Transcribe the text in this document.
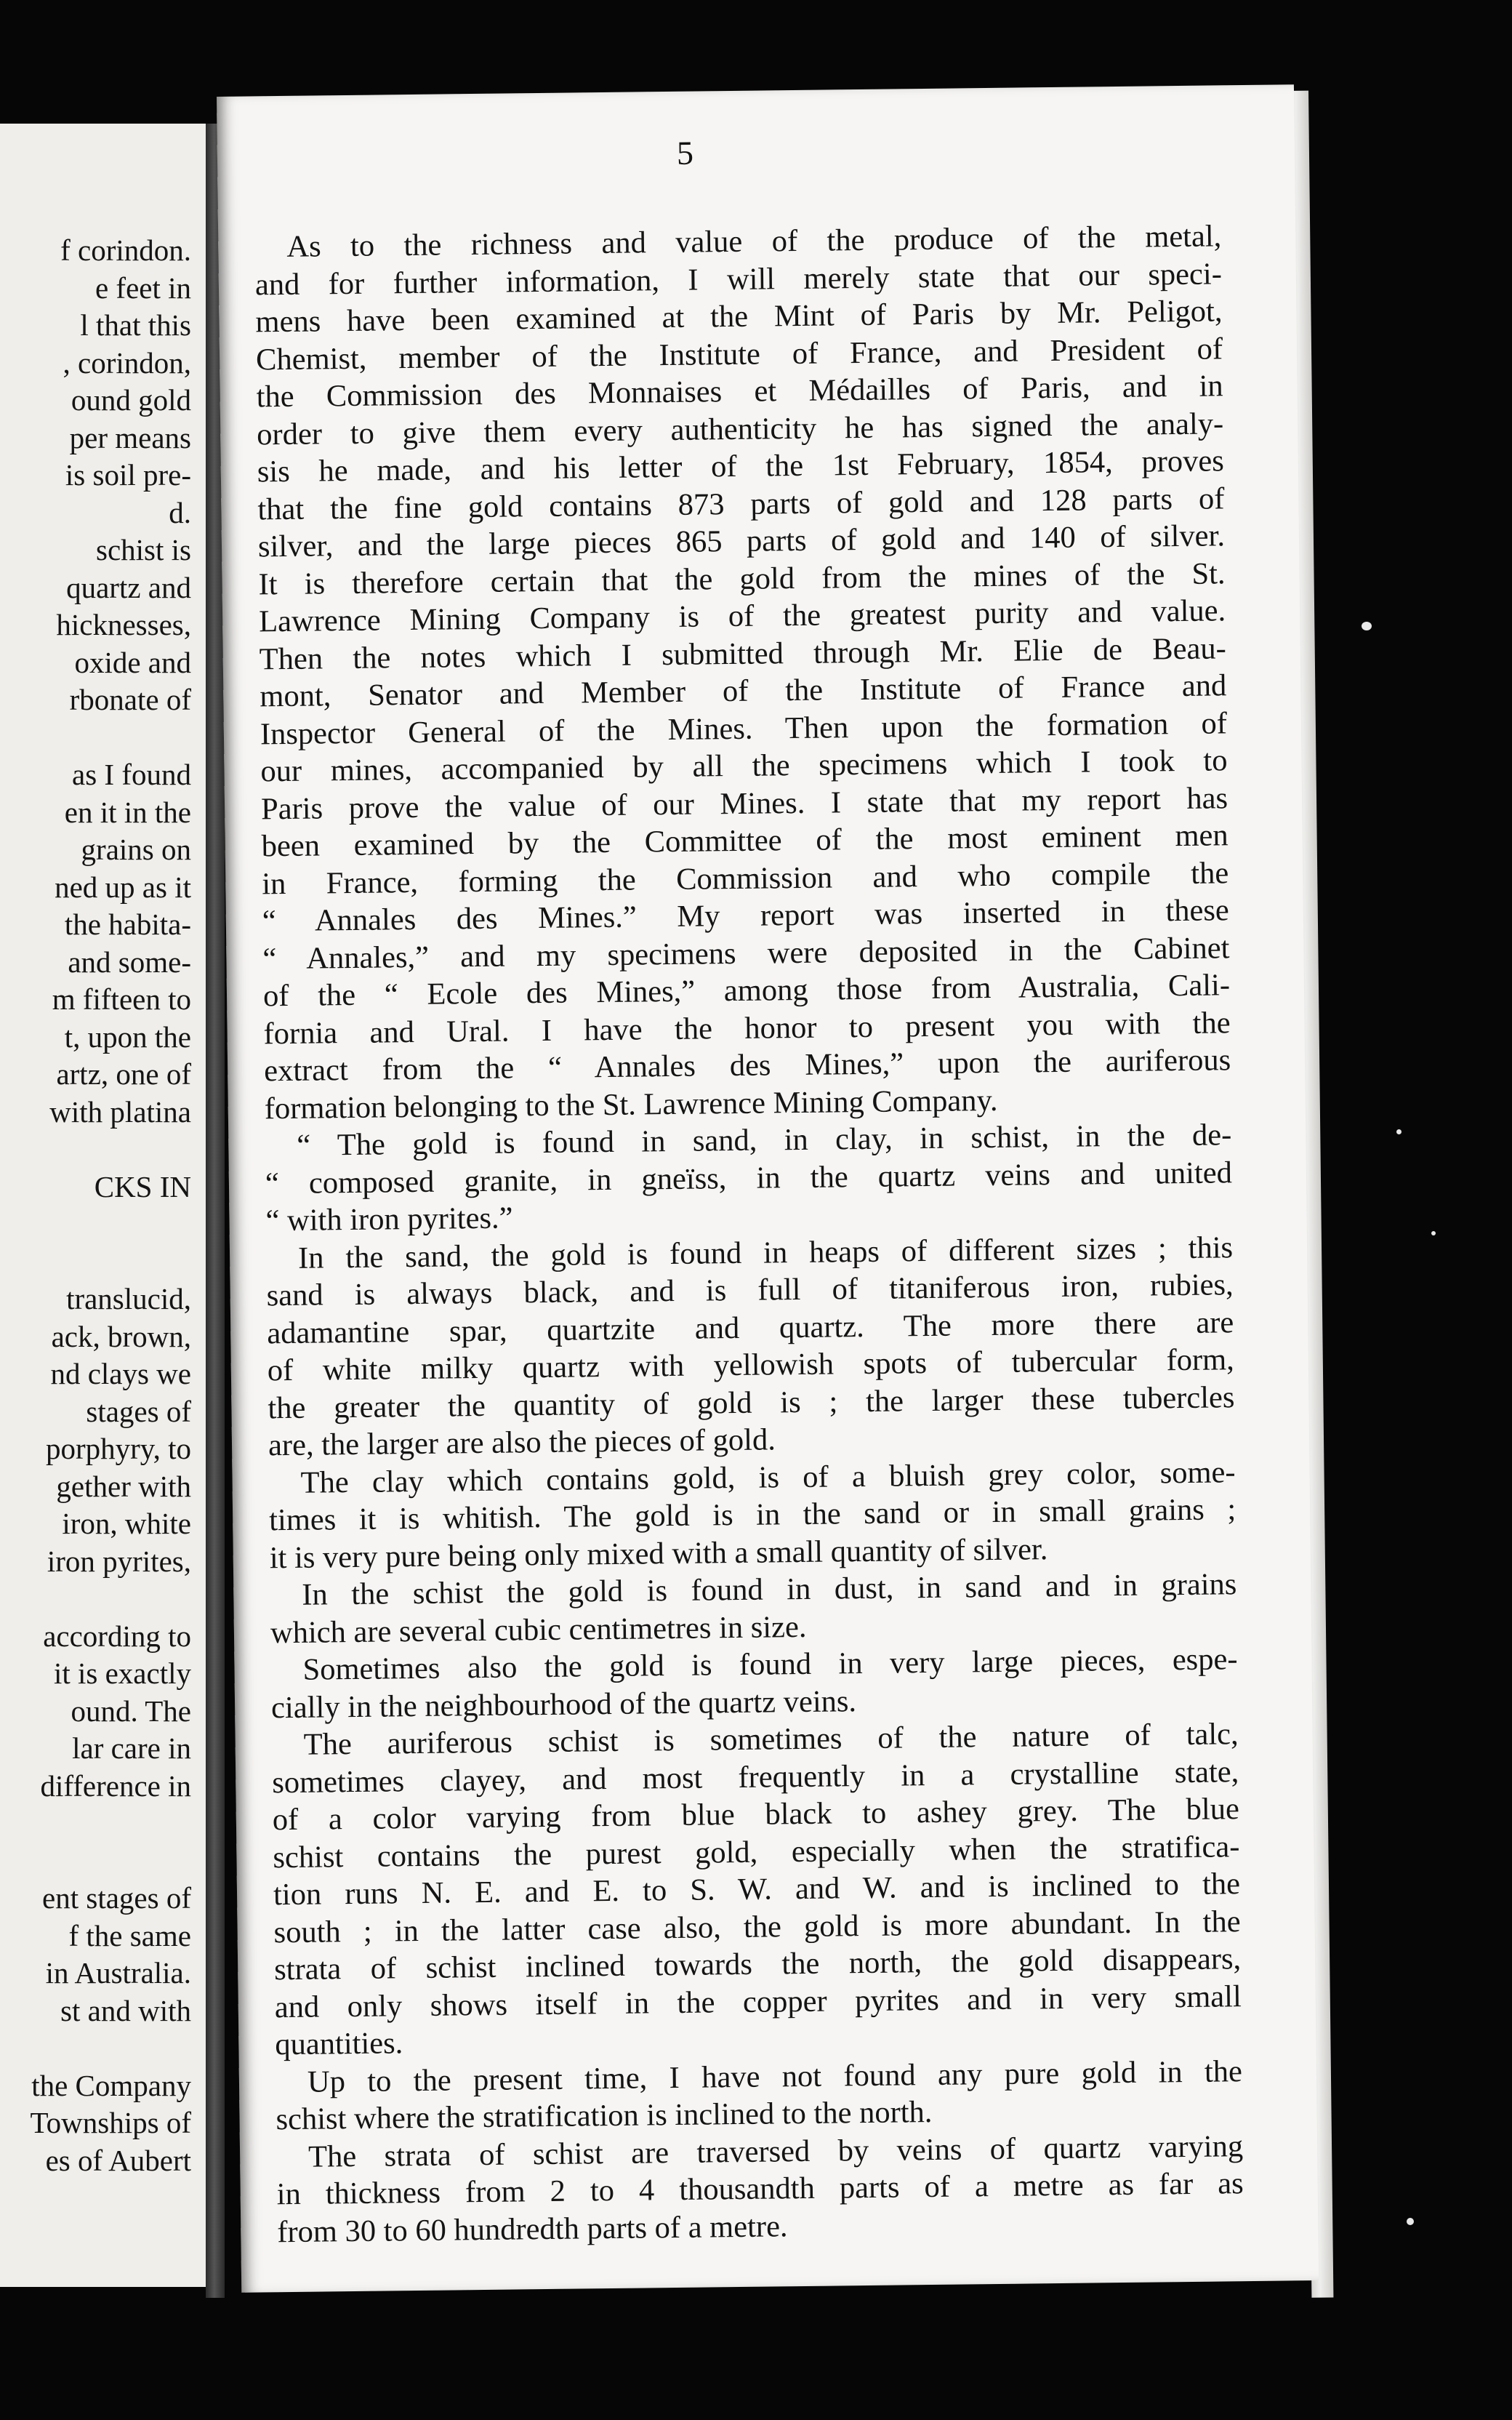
f corindon.
e feet in
l that this
, corindon,
ound gold
per means
is soil pre-
d.
schist is
quartz and
hicknesses,
oxide and
rbonate of
as I found
en it in the
grains on
ned up as it
the habita-
and some-
m fifteen to
t, upon the
artz, one of
with platina
CKS IN
translucid,
ack, brown,
nd clays we
stages of
porphyry, to
gether with
iron, white
iron pyrites,
according to
it is exactly
ound. The
lar care in
difference in
ent stages of
f the same
in Australia.
st and with
the Company
Townships of
es of Aubert
5
As to the richness and value of the produce of the metal,
and for further information, I will merely state that our speci-
mens have been examined at the Mint of Paris by Mr. Peligot,
Chemist, member of the Institute of France, and President of
the Commission des Monnaises et Médailles of Paris, and in
order to give them every authenticity he has signed the analy-
sis he made, and his letter of the 1st February, 1854, proves
that the fine gold contains 873 parts of gold and 128 parts of
silver, and the large pieces 865 parts of gold and 140 of silver.
It is therefore certain that the gold from the mines of the St.
Lawrence Mining Company is of the greatest purity and value.
Then the notes which I submitted through Mr. Elie de Beau-
mont, Senator and Member of the Institute of France and
Inspector General of the Mines. Then upon the formation of
our mines, accompanied by all the specimens which I took to
Paris prove the value of our Mines. I state that my report has
been examined by the Committee of the most eminent men
in France, forming the Commission and who compile the
“ Annales des Mines.” My report was inserted in these
“ Annales,” and my specimens were deposited in the Cabinet
of the “ Ecole des Mines,” among those from Australia, Cali-
fornia and Ural. I have the honor to present you with the
extract from the “ Annales des Mines,” upon the auriferous
formation belonging to the St. Lawrence Mining Company.
“ The gold is found in sand, in clay, in schist, in the de-
“ composed granite, in gneïss, in the quartz veins and united
“ with iron pyrites.”
In the sand, the gold is found in heaps of different sizes ; this
sand is always black, and is full of titaniferous iron, rubies,
adamantine spar, quartzite and quartz. The more there are
of white milky quartz with yellowish spots of tubercular form,
the greater the quantity of gold is ; the larger these tubercles
are, the larger are also the pieces of gold.
The clay which contains gold, is of a bluish grey color, some-
times it is whitish. The gold is in the sand or in small grains ;
it is very pure being only mixed with a small quantity of silver.
In the schist the gold is found in dust, in sand and in grains
which are several cubic centimetres in size.
Sometimes also the gold is found in very large pieces, espe-
cially in the neighbourhood of the quartz veins.
The auriferous schist is sometimes of the nature of talc,
sometimes clayey, and most frequently in a crystalline state,
of a color varying from blue black to ashey grey. The blue
schist contains the purest gold, especially when the stratifica-
tion runs N. E. and E. to S. W. and W. and is inclined to the
south ; in the latter case also, the gold is more abundant. In the
strata of schist inclined towards the north, the gold disappears,
and only shows itself in the copper pyrites and in very small
quantities.
Up to the present time, I have not found any pure gold in the
schist where the stratification is inclined to the north.
The strata of schist are traversed by veins of quartz varying
in thickness from 2 to 4 thousandth parts of a metre as far as
from 30 to 60 hundredth parts of a metre.
